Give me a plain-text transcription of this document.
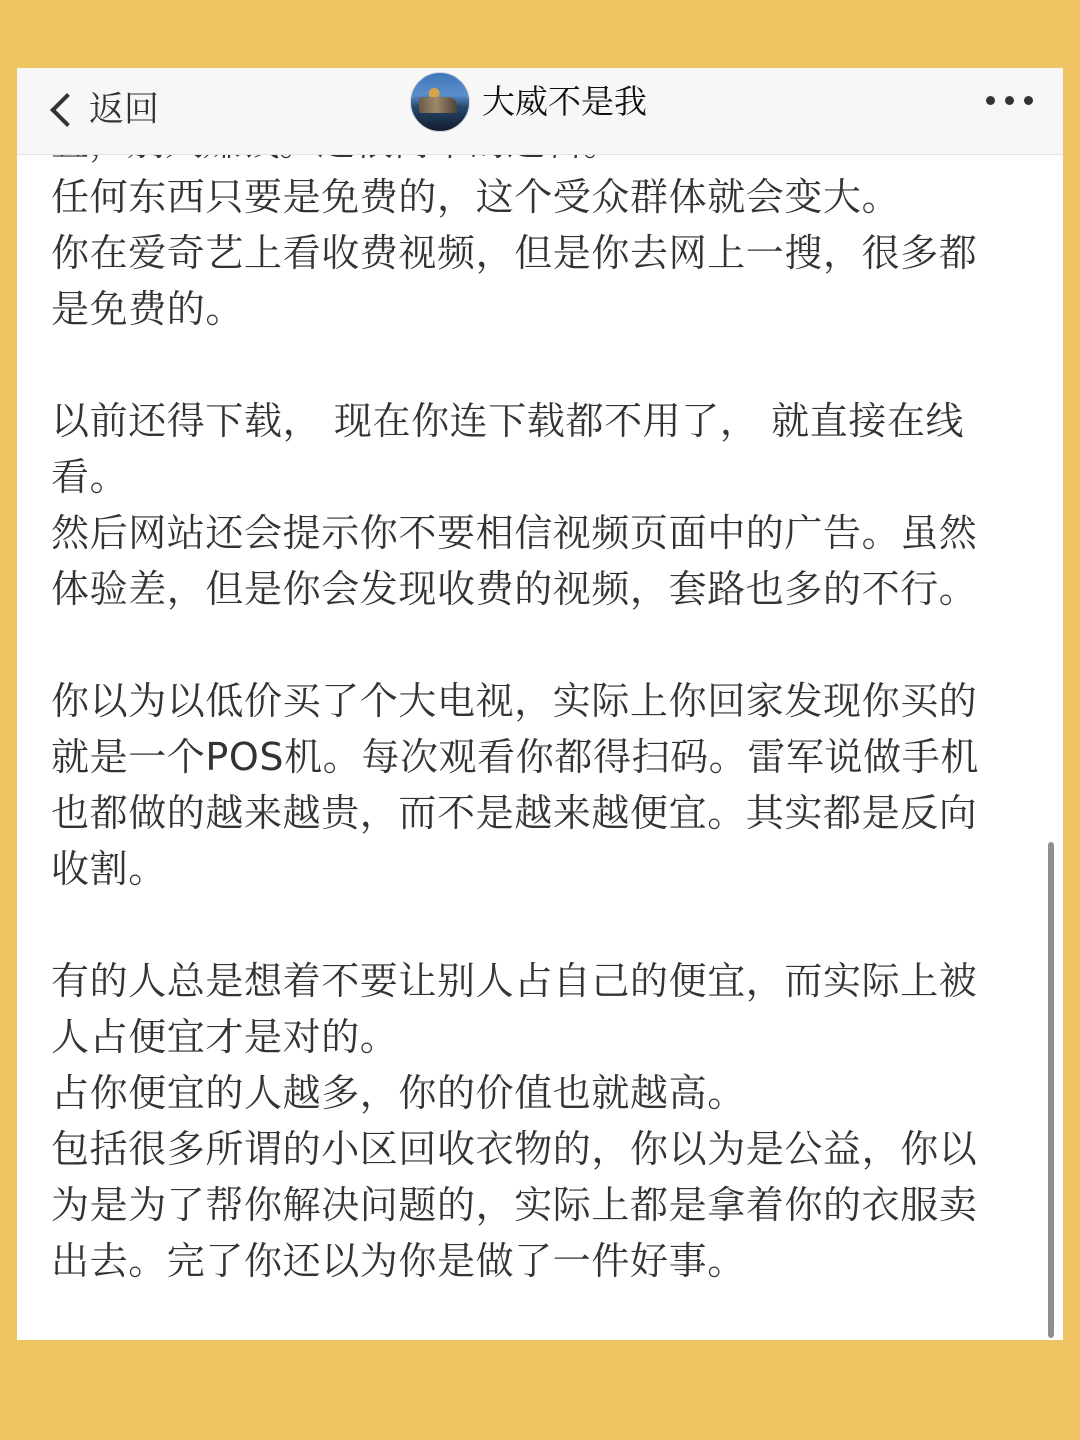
返回	大威不是我

任何东西只要是免费的，这个受众群体就会变大。
你在爱奇艺上看收费视频，但是你去网上一搜，很多都
是免费的。

以前还得下载， 现在你连下载都不用了， 就直接在线
看。
然后网站还会提示你不要相信视频页面中的广告。虽然
体验差，但是你会发现收费的视频，套路也多的不行。

你以为以低价买了个大电视，实际上你回家发现你买的
就是一个POS机。每次观看你都得扫码。雷军说做手机
也都做的越来越贵，而不是越来越便宜。其实都是反向
收割。

有的人总是想着不要让别人占自己的便宜，而实际上被
人占便宜才是对的。
占你便宜的人越多，你的价值也就越高。
包括很多所谓的小区回收衣物的，你以为是公益，你以
为是为了帮你解决问题的，实际上都是拿着你的衣服卖
出去。完了你还以为你是做了一件好事。
